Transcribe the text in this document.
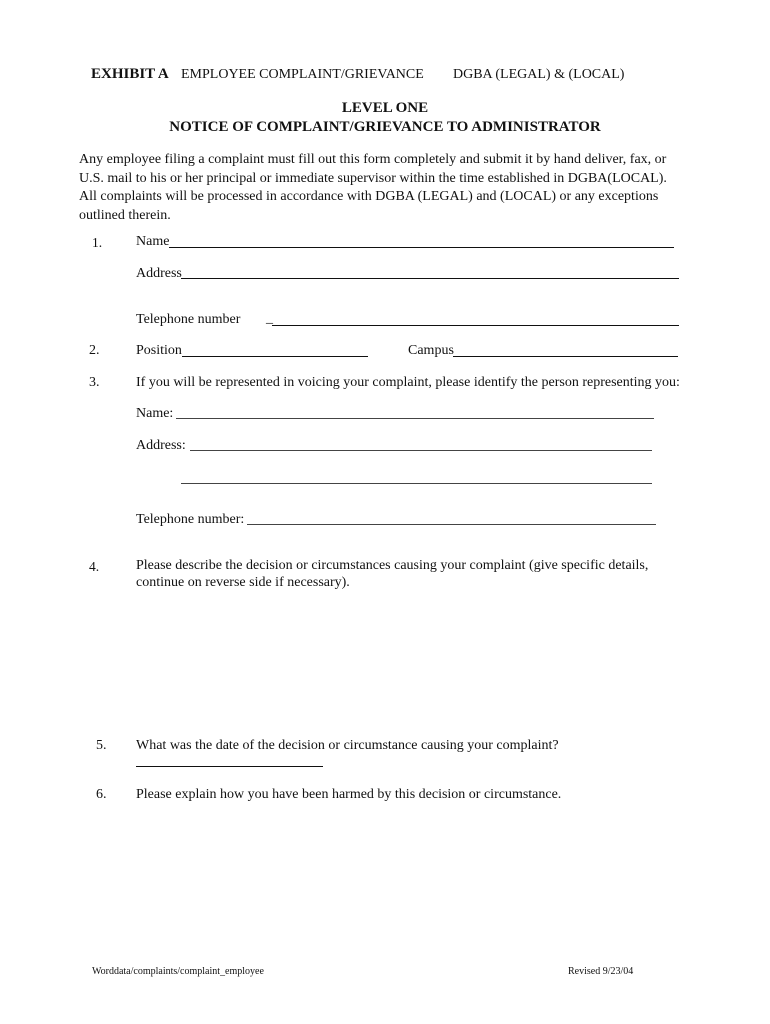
EXHIBIT A EMPLOYEE COMPLAINT/GRIEVANCE DGBA (LEGAL) & (LOCAL)
LEVEL ONE
NOTICE OF COMPLAINT/GRIEVANCE TO ADMINISTRATOR
Any employee filing a complaint must fill out this form completely and submit it by hand deliver, fax, or
U.S. mail to his or her principal or immediate supervisor within the time established in DGBA(LOCAL).
All complaints will be processed in accordance with DGBA (LEGAL) and (LOCAL) or any exceptions
outlined therein.
1. Name
Address
Telephone number _
2.	Position	Campus
3.	If you will be represented in voicing your complaint, please identify the person representing you:
Name:
Address:
Telephone number:
4.	Please describe the decision or circumstances causing your complaint (give specific details,
continue on reverse side if necessary).
5. What was the date of the decision or circumstance causing your complaint?
6. Please explain how you have been harmed by this decision or circumstance.
Worddata/complaints/complaint_employee	Revised 9/23/04
